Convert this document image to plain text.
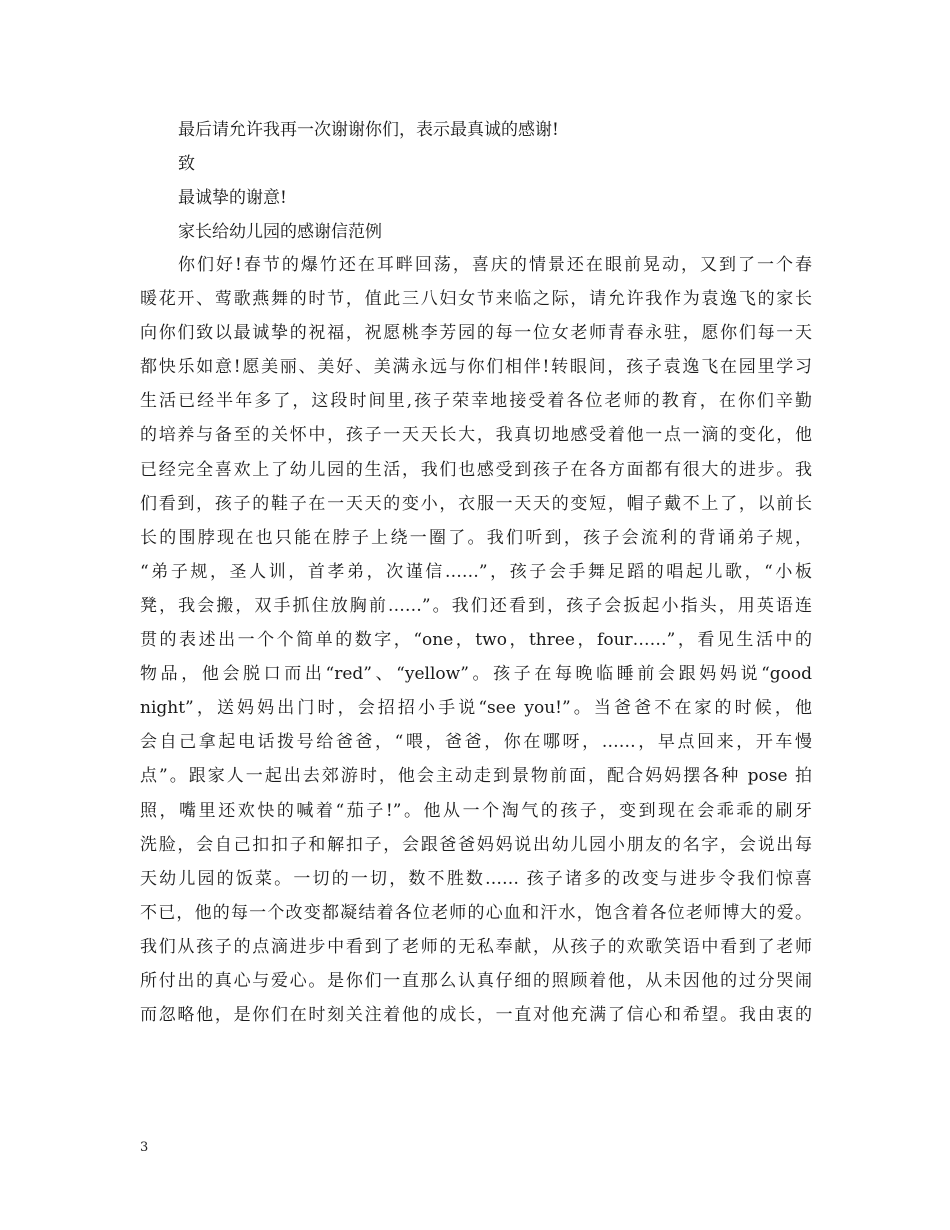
最后请允许我再一次谢谢你们，表示最真诚的感谢!
致
最诚挚的谢意!
家长给幼儿园的感谢信范例
　　你们好!春节的爆竹还在耳畔回荡，喜庆的情景还在眼前晃动，又到了一个春
暖花开、莺歌燕舞的时节，值此三八妇女节来临之际，请允许我作为袁逸飞的家长
向你们致以最诚挚的祝福，祝愿桃李芳园的每一位女老师青春永驻，愿你们每一天
都快乐如意!愿美丽、美好、美满永远与你们相伴!转眼间，孩子袁逸飞在园里学习
生活已经半年多了，这段时间里,孩子荣幸地接受着各位老师的教育，在你们辛勤
的培养与备至的关怀中，孩子一天天长大，我真切地感受着他一点一滴的变化，他
已经完全喜欢上了幼儿园的生活，我们也感受到孩子在各方面都有很大的进步。我
们看到，孩子的鞋子在一天天的变小，衣服一天天的变短，帽子戴不上了，以前长
长的围脖现在也只能在脖子上绕一圈了。我们听到，孩子会流利的背诵弟子规，
“弟子规，圣人训，首孝弟，次谨信……”，孩子会手舞足蹈的唱起儿歌，“小板
凳，我会搬，双手抓住放胸前……”。我们还看到，孩子会扳起小指头，用英语连
贯的表述出一个个简单的数字，“one，two，three，four……”，看见生活中的
物品，他会脱口而出“red”、“yellow”。孩子在每晚临睡前会跟妈妈说“good
night”，送妈妈出门时，会招招小手说“see you!”。当爸爸不在家的时候，他
会自己拿起电话拨号给爸爸，“喂，爸爸，你在哪呀，……，早点回来，开车慢
点”。跟家人一起出去郊游时，他会主动走到景物前面，配合妈妈摆各种 pose 拍
照，嘴里还欢快的喊着“茄子!”。他从一个淘气的孩子，变到现在会乖乖的刷牙
洗脸，会自己扣扣子和解扣子，会跟爸爸妈妈说出幼儿园小朋友的名字，会说出每
天幼儿园的饭菜。一切的一切，数不胜数…… 孩子诸多的改变与进步令我们惊喜
不已，他的每一个改变都凝结着各位老师的心血和汗水，饱含着各位老师博大的爱。
我们从孩子的点滴进步中看到了老师的无私奉献，从孩子的欢歌笑语中看到了老师
所付出的真心与爱心。是你们一直那么认真仔细的照顾着他，从未因他的过分哭闹
而忽略他，是你们在时刻关注着他的成长，一直对他充满了信心和希望。我由衷的
3
